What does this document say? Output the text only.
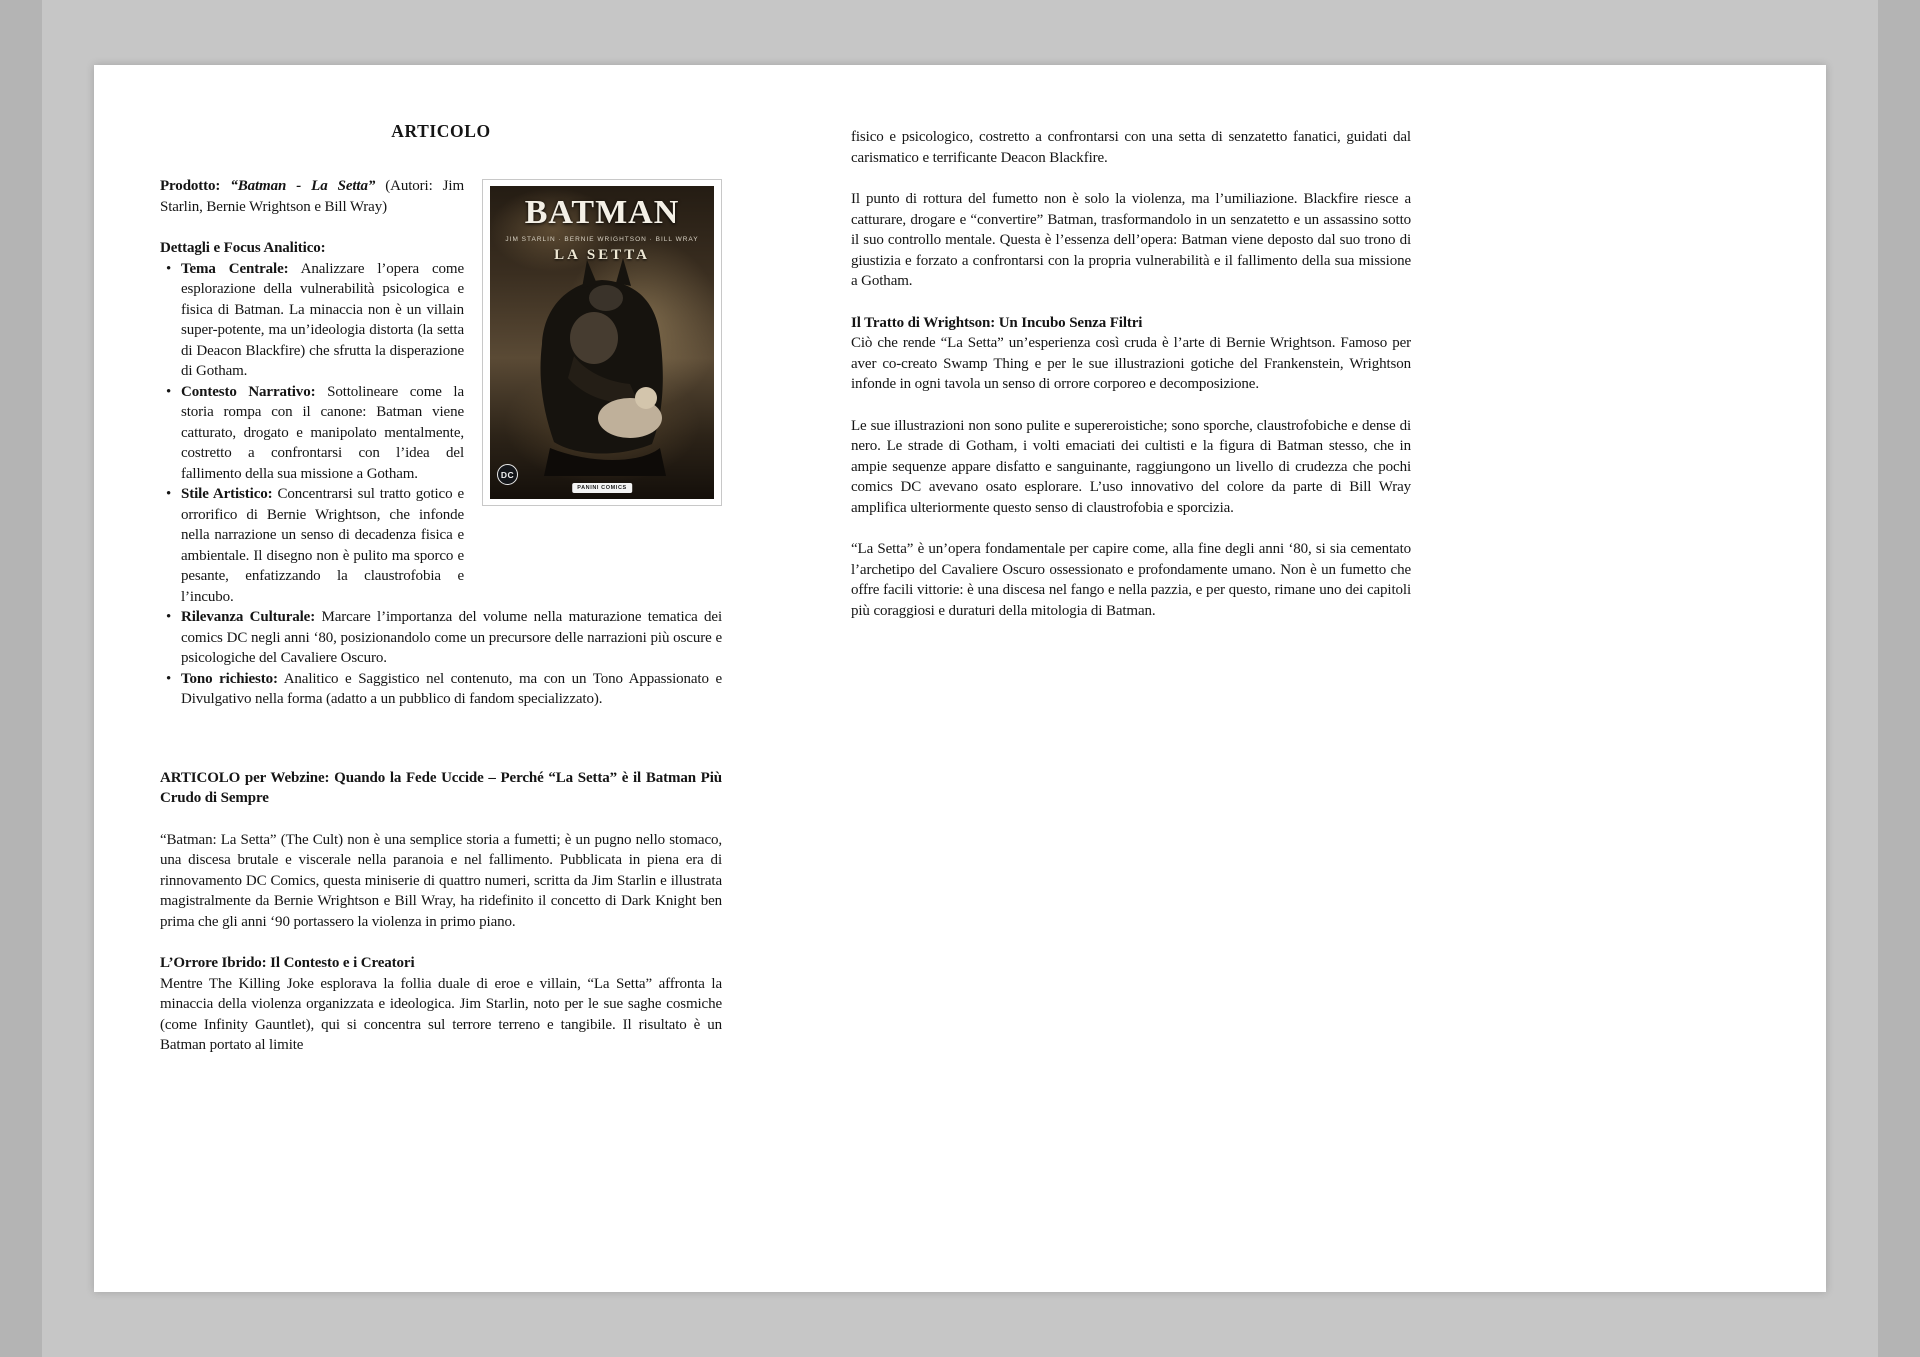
ARTICOLO
BATMAN
JIM STARLIN · BERNIE WRIGHTSON · BILL WRAY
LA SETTA
DC
PANINI COMICS

Prodotto: “Batman - La Setta” (Autori: Jim Starlin, Bernie Wrightson e Bill Wray)

Dettagli e Focus Analitico:

• Tema Centrale: Analizzare l’opera come esplorazione della vulnerabilità psicologica e fisica di Batman. La minaccia non è un villain super-potente, ma un’ideologia distorta (la setta di Deacon Blackfire) che sfrutta la disperazione di Gotham.
• Contesto Narrativo: Sottolineare come la storia rompa con il canone: Batman viene catturato, drogato e manipolato mentalmente, costretto a confrontarsi con l’idea del fallimento della sua missione a Gotham.
• Stile Artistico: Concentrarsi sul tratto gotico e orrorifico di Bernie Wrightson, che infonde nella narrazione un senso di decadenza fisica e ambientale. Il disegno non è pulito ma sporco e pesante, enfatizzando la claustrofobia e l’incubo.
• Rilevanza Culturale: Marcare l’importanza del volume nella maturazione tematica dei comics DC negli anni ‘80, posizionandolo come un precursore delle narrazioni più oscure e psicologiche del Cavaliere Oscuro.
• Tono richiesto: Analitico e Saggistico nel contenuto, ma con un Tono Appassionato e Divulgativo nella forma (adatto a un pubblico di fandom specializzato).

ARTICOLO per Webzine: Quando la Fede Uccide – Perché “La Setta” è il Batman Più Crudo di Sempre

“Batman: La Setta” (The Cult) non è una semplice storia a fumetti; è un pugno nello stomaco, una discesa brutale e viscerale nella paranoia e nel fallimento. Pubblicata in piena era di rinnovamento DC Comics, questa miniserie di quattro numeri, scritta da Jim Starlin e illustrata magistralmente da Bernie Wrightson e Bill Wray, ha ridefinito il concetto di Dark Knight ben prima che gli anni ‘90 portassero la violenza in primo piano.

L’Orrore Ibrido: Il Contesto e i Creatori

Mentre The Killing Joke esplorava la follia duale di eroe e villain, “La Setta” affronta la minaccia della violenza organizzata e ideologica. Jim Starlin, noto per le sue saghe cosmiche (come Infinity Gauntlet), qui si concentra sul terrore terreno e tangibile. Il risultato è un Batman portato al limite

fisico e psicologico, costretto a confrontarsi con una setta di senzatetto fanatici, guidati dal carismatico e terrificante Deacon Blackfire.

Il punto di rottura del fumetto non è solo la violenza, ma l’umiliazione. Blackfire riesce a catturare, drogare e “convertire” Batman, trasformandolo in un senzatetto e un assassino sotto il suo controllo mentale. Questa è l’essenza dell’opera: Batman viene deposto dal suo trono di giustizia e forzato a confrontarsi con la propria vulnerabilità e il fallimento della sua missione a Gotham.

Il Tratto di Wrightson: Un Incubo Senza Filtri

Ciò che rende “La Setta” un’esperienza così cruda è l’arte di Bernie Wrightson. Famoso per aver co-creato Swamp Thing e per le sue illustrazioni gotiche del Frankenstein, Wrightson infonde in ogni tavola un senso di orrore corporeo e decomposizione.

Le sue illustrazioni non sono pulite e supereroistiche; sono sporche, claustrofobiche e dense di nero. Le strade di Gotham, i volti emaciati dei cultisti e la figura di Batman stesso, che in ampie sequenze appare disfatto e sanguinante, raggiungono un livello di crudezza che pochi comics DC avevano osato esplorare. L’uso innovativo del colore da parte di Bill Wray amplifica ulteriormente questo senso di claustrofobia e sporcizia.

“La Setta” è un’opera fondamentale per capire come, alla fine degli anni ‘80, si sia cementato l’archetipo del Cavaliere Oscuro ossessionato e profondamente umano. Non è un fumetto che offre facili vittorie: è una discesa nel fango e nella pazzia, e per questo, rimane uno dei capitoli più coraggiosi e duraturi della mitologia di Batman.
